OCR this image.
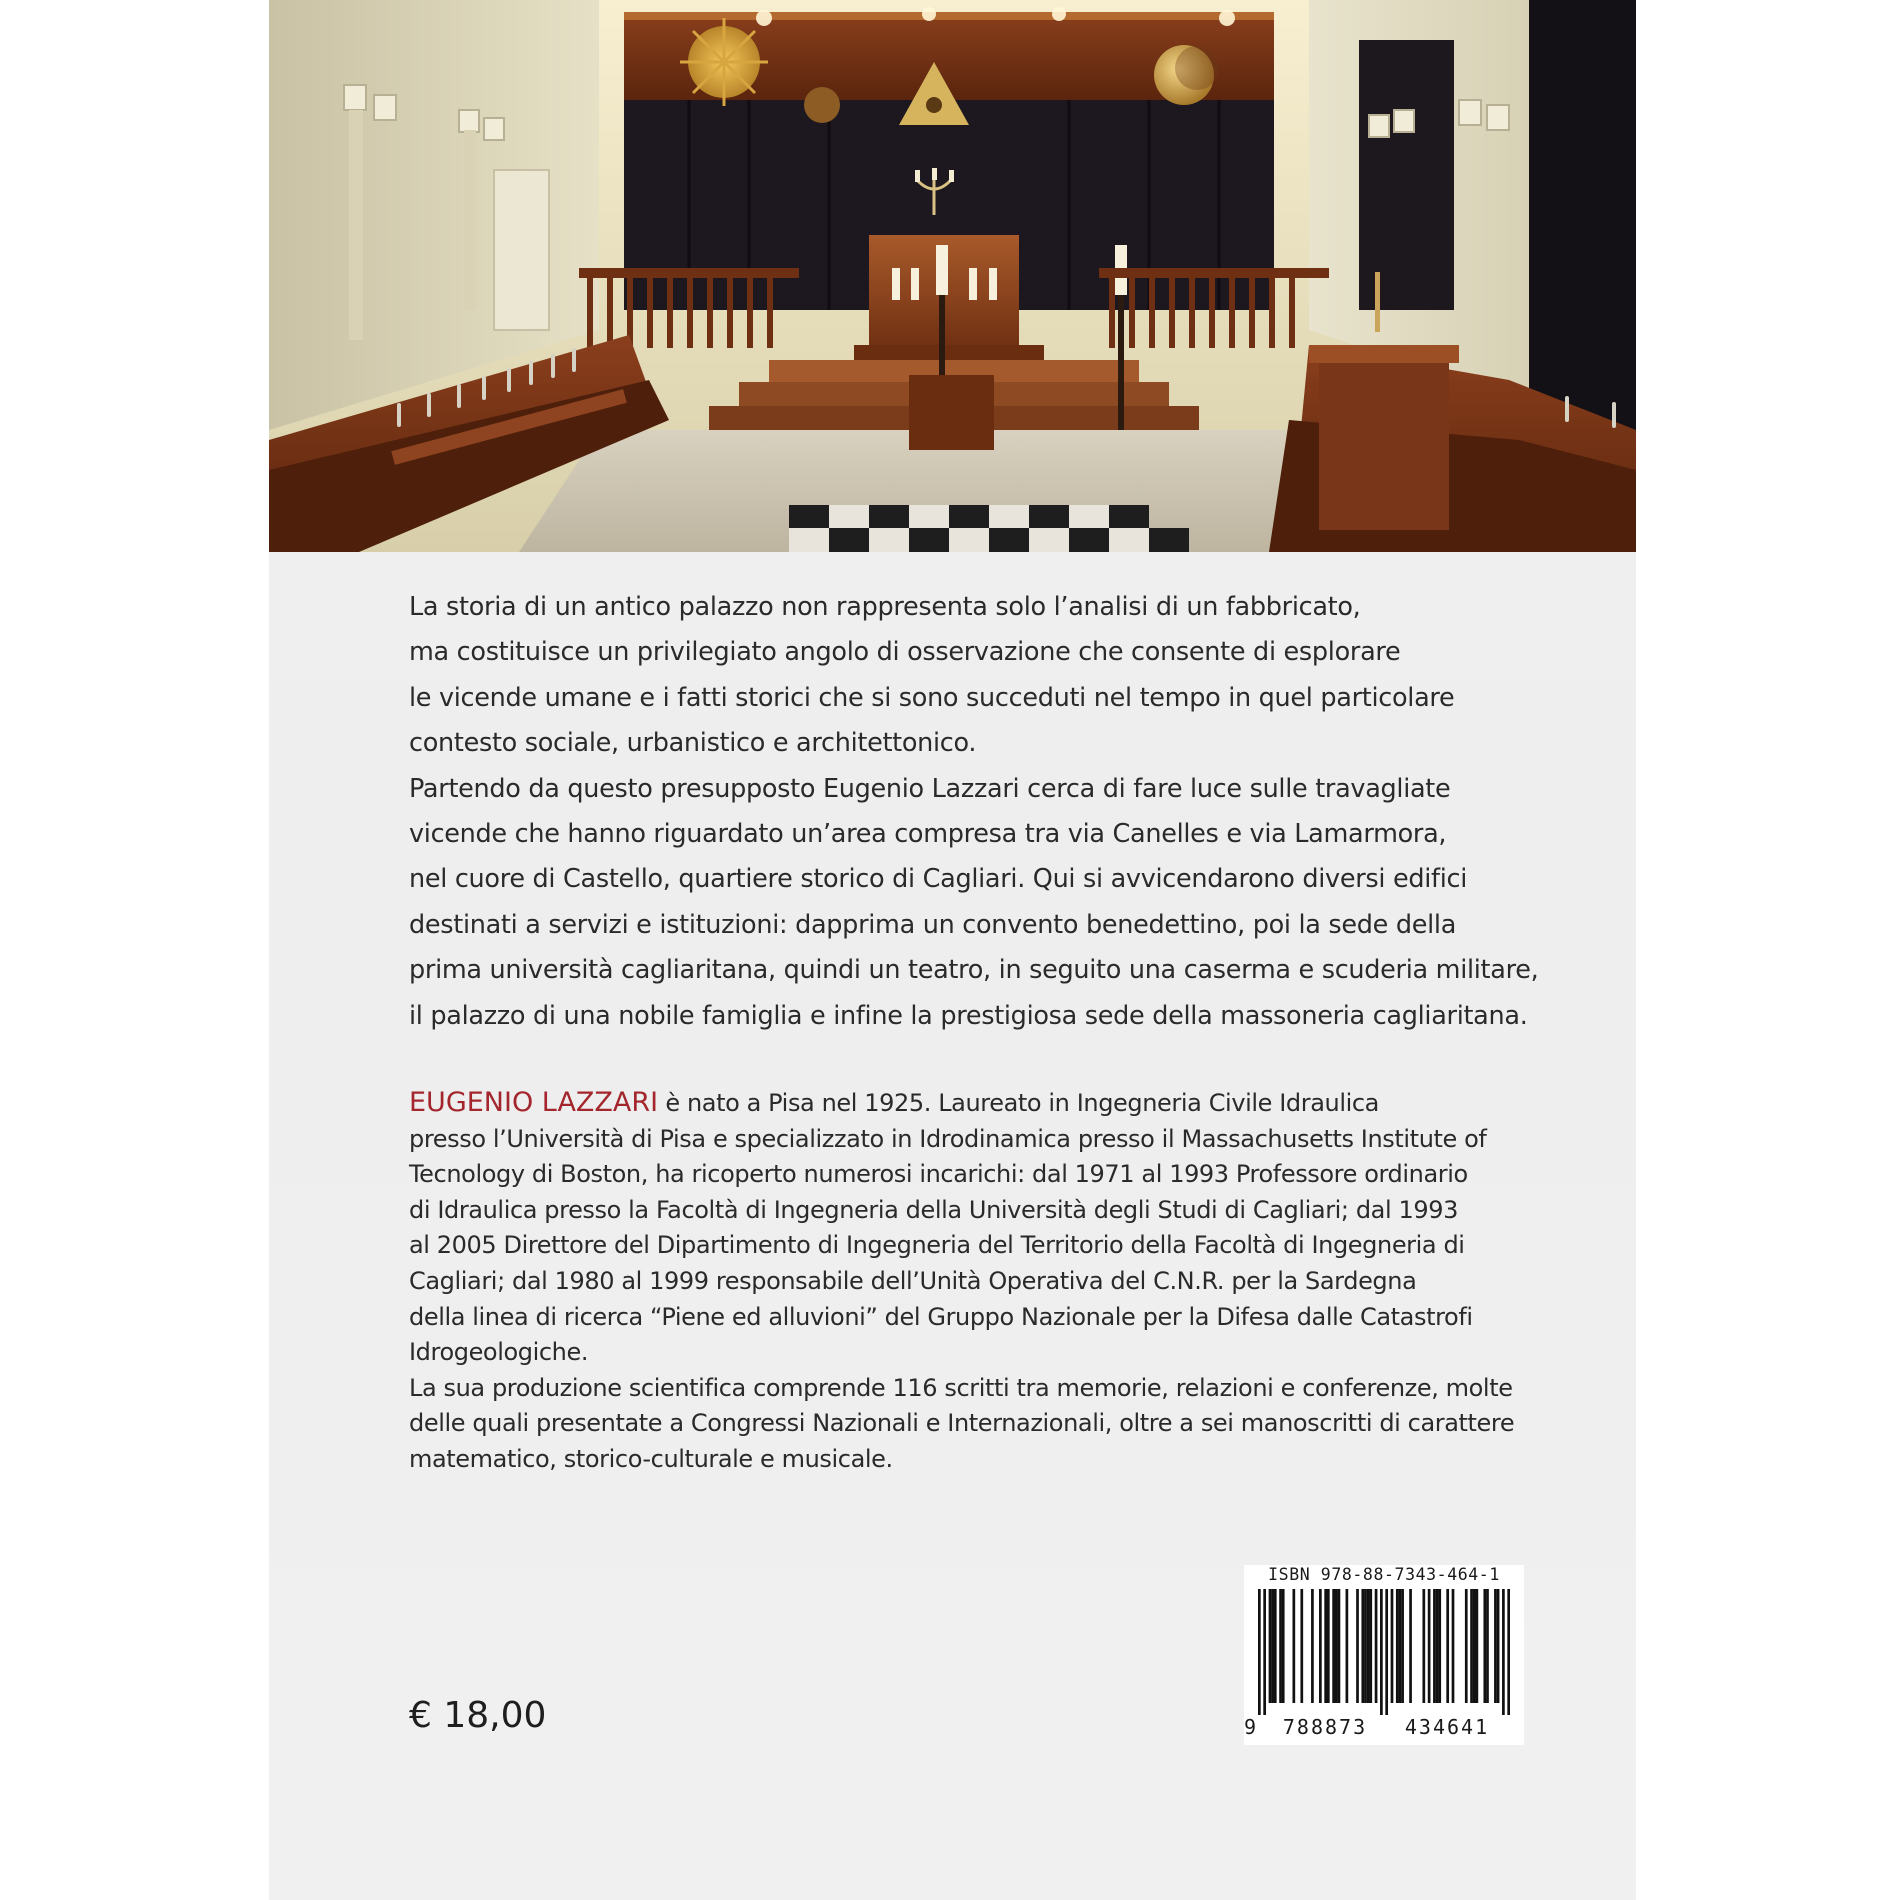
La storia di un antico palazzo non rappresenta solo l’analisi di un fabbricato,
ma costituisce un privilegiato angolo di osservazione che consente di esplorare
le vicende umane e i fatti storici che si sono succeduti nel tempo in quel particolare
contesto sociale, urbanistico e architettonico.
Partendo da questo presupposto Eugenio Lazzari cerca di fare luce sulle travagliate
vicende che hanno riguardato un’area compresa tra via Canelles e via Lamarmora,
nel cuore di Castello, quartiere storico di Cagliari. Qui si avvicendarono diversi edifici
destinati a servizi e istituzioni: dapprima un convento benedettino, poi la sede della
prima università cagliaritana, quindi un teatro, in seguito una caserma e scuderia militare,
il palazzo di una nobile famiglia e infine la prestigiosa sede della massoneria cagliaritana.

EUGENIO LAZZARI è nato a Pisa nel 1925. Laureato in Ingegneria Civile Idraulica
presso l’Università di Pisa e specializzato in Idrodinamica presso il Massachusetts Institute of
Tecnology di Boston, ha ricoperto numerosi incarichi: dal 1971 al 1993 Professore ordinario
di Idraulica presso la Facoltà di Ingegneria della Università degli Studi di Cagliari; dal 1993
al 2005 Direttore del Dipartimento di Ingegneria del Territorio della Facoltà di Ingegneria di
Cagliari; dal 1980 al 1999 responsabile dell’Unità Operativa del C.N.R. per la Sardegna
della linea di ricerca “Piene ed alluvioni” del Gruppo Nazionale per la Difesa dalle Catastrofi
Idrogeologiche.
La sua produzione scientifica comprende 116 scritti tra memorie, relazioni e conferenze, molte
delle quali presentate a Congressi Nazionali e Internazionali, oltre a sei manoscritti di carattere
matematico, storico-culturale e musicale.

€ 18,00

ISBN 978-88-7343-464-1
9	788873	434641
